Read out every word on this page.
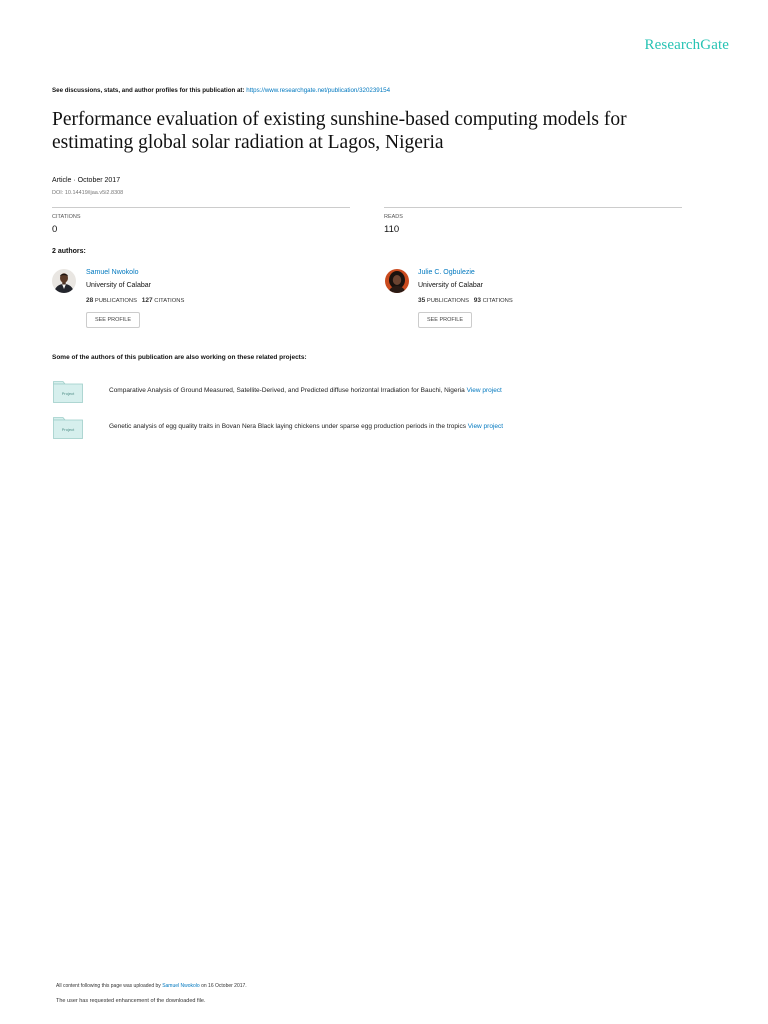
ResearchGate
See discussions, stats, and author profiles for this publication at: https://www.researchgate.net/publication/320239154
Performance evaluation of existing sunshine-based computing models for estimating global solar radiation at Lagos, Nigeria
Article · October 2017
DOI: 10.14419/ijaa.v5i2.8308
CITATIONS
0
READS
110
2 authors:
Samuel Nwokolo
University of Calabar
28 PUBLICATIONS 127 CITATIONS
SEE PROFILE
Julie C. Ogbulezie
University of Calabar
35 PUBLICATIONS 93 CITATIONS
SEE PROFILE
Some of the authors of this publication are also working on these related projects:
Project	Comparative Analysis of Ground Measured, Satellite-Derived, and Predicted diffuse horizontal Irradiation for Bauchi, Nigeria View project
Project	Genetic analysis of egg quality traits in Bovan Nera Black laying chickens under sparse egg production periods in the tropics View project
All content following this page was uploaded by Samuel Nwokolo on 16 October 2017.
The user has requested enhancement of the downloaded file.
